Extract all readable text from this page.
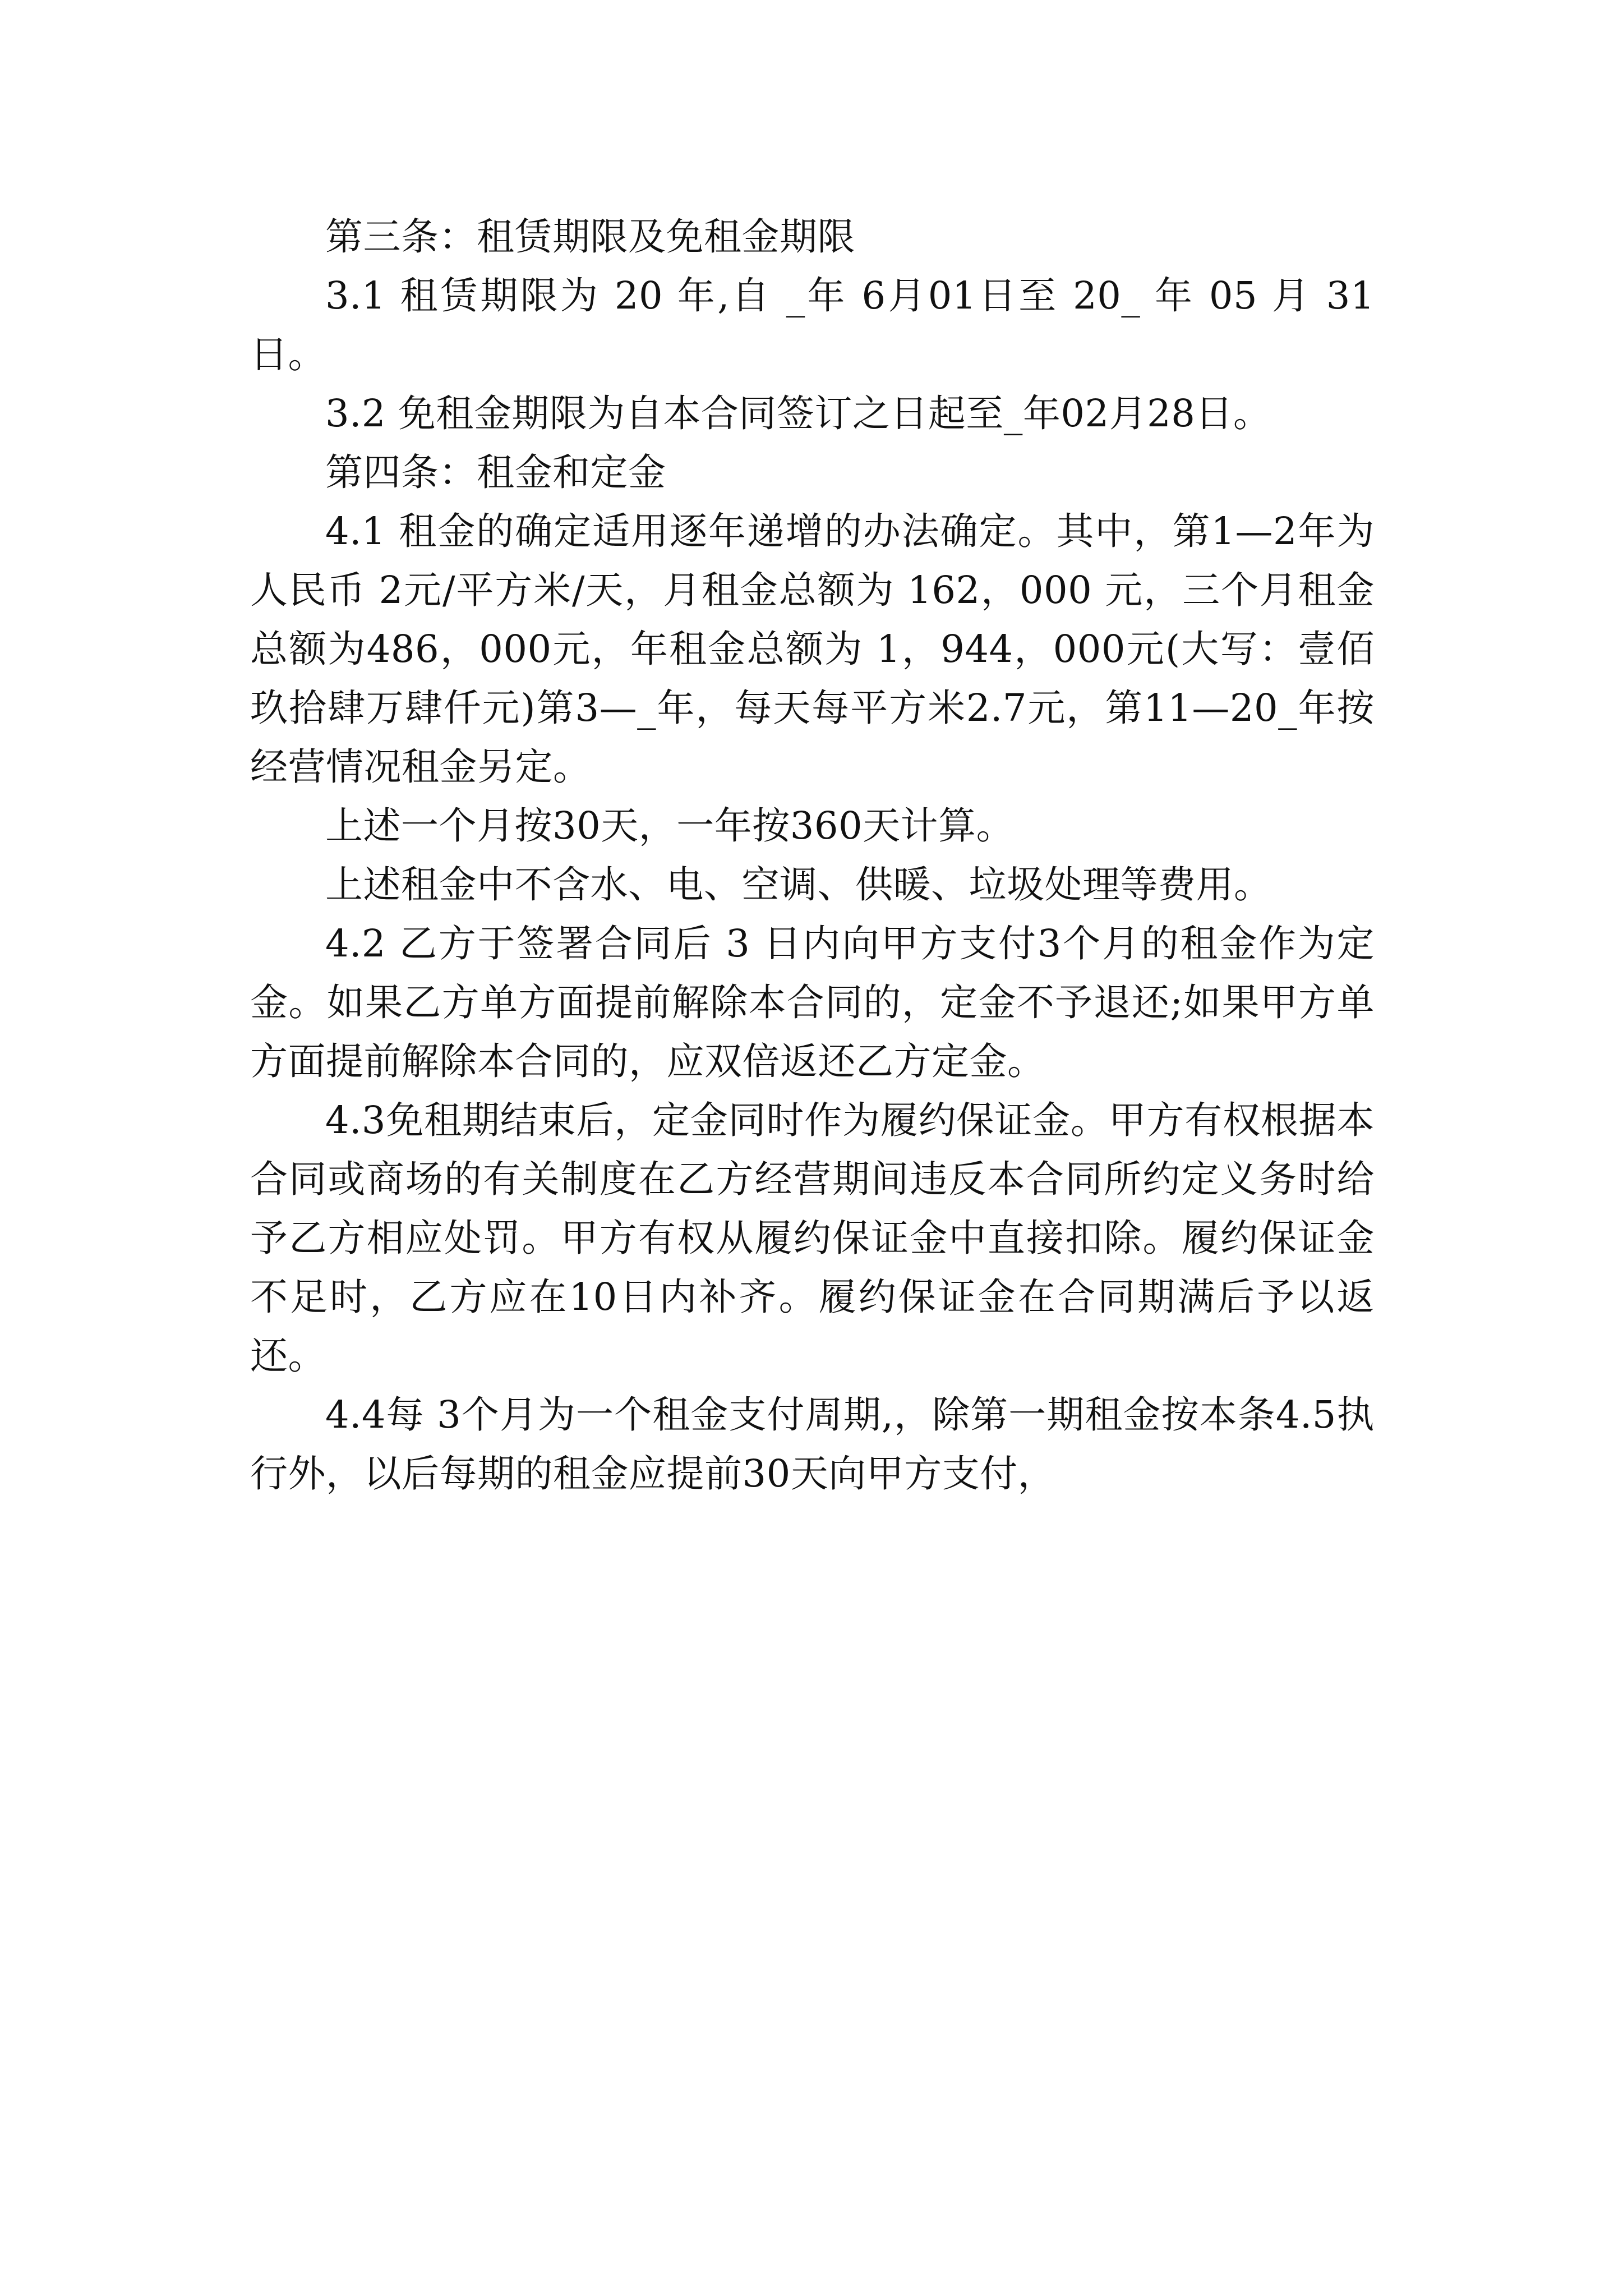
第三条：租赁期限及免租金期限

3.1 租赁期限为 20 年,自 _年 6月01日至 20_ 年 05 月 31 日。

3.2 免租金期限为自本合同签订之日起至_年02月28日。

第四条：租金和定金

4.1 租金的确定适用逐年递增的办法确定。其中，第1—2年为人民币 2元/平方米/天，月租金总额为 162，000 元，三个月租金总额为486，000元，年租金总额为 1，944，000元(大写：壹佰玖拾肆万肆仟元)第3—_年，每天每平方米2.7元，第11—20_年按经营情况租金另定。

上述一个月按30天，一年按360天计算。

上述租金中不含水、电、空调、供暖、垃圾处理等费用。

4.2 乙方于签署合同后 3 日内向甲方支付3个月的租金作为定金。如果乙方单方面提前解除本合同的，定金不予退还;如果甲方单方面提前解除本合同的，应双倍返还乙方定金。

4.3免租期结束后，定金同时作为履约保证金。甲方有权根据本合同或商场的有关制度在乙方经营期间违反本合同所约定义务时给予乙方相应处罚。甲方有权从履约保证金中直接扣除。履约保证金不足时，乙方应在10日内补齐。履约保证金在合同期满后予以返还。

4.4每 3个月为一个租金支付周期,，除第一期租金按本条4.5执行外，以后每期的租金应提前30天向甲方支付，
